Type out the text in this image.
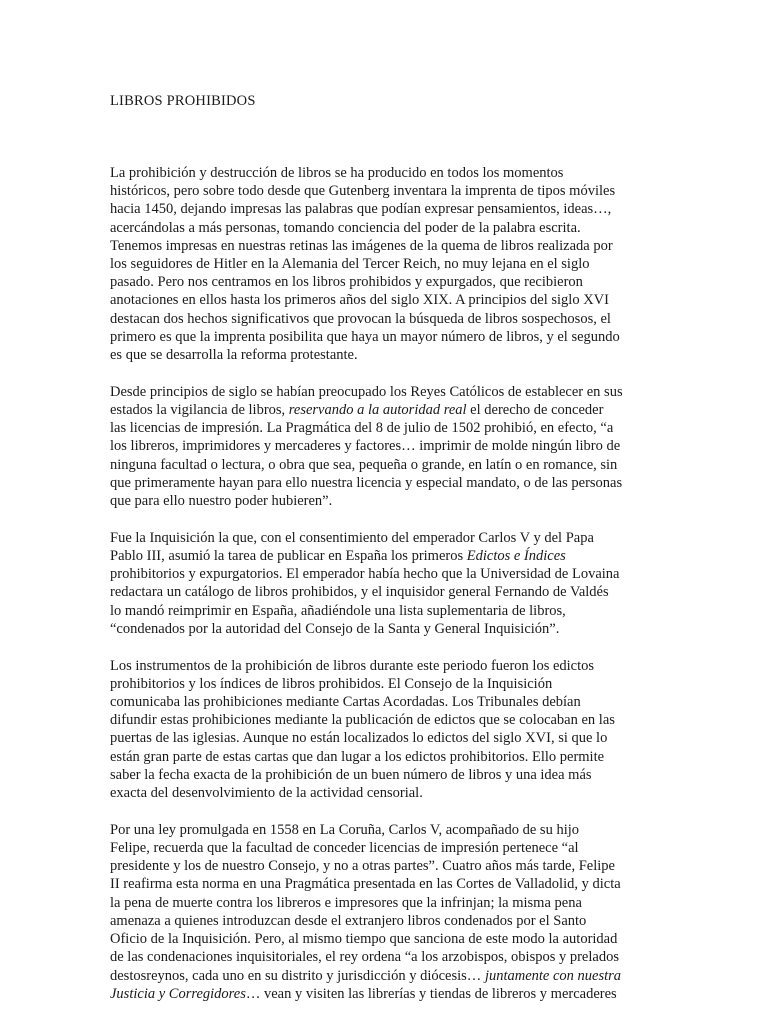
LIBROS PROHIBIDOS

La prohibición y destrucción de libros se ha producido en todos los momentos
históricos, pero sobre todo desde que Gutenberg inventara la imprenta de tipos móviles
hacia 1450, dejando impresas las palabras que podían expresar pensamientos, ideas…,
acercándolas a más personas, tomando conciencia del poder de la palabra escrita.
Tenemos impresas en nuestras retinas las imágenes de la quema de libros realizada por
los seguidores de Hitler en la Alemania del Tercer Reich, no muy lejana en el siglo
pasado. Pero nos centramos en los libros prohibidos y expurgados, que recibieron
anotaciones en ellos hasta los primeros años del siglo XIX. A principios del siglo XVI
destacan dos hechos significativos que provocan la búsqueda de libros sospechosos, el
primero es que la imprenta posibilita que haya un mayor número de libros, y el segundo
es que se desarrolla la reforma protestante.

Desde principios de siglo se habían preocupado los Reyes Católicos de establecer en sus
estados la vigilancia de libros, reservando a la autoridad real el derecho de conceder
las licencias de impresión. La Pragmática del 8 de julio de 1502 prohibió, en efecto, “a
los libreros, imprimidores y mercaderes y factores… imprimir de molde ningún libro de
ninguna facultad o lectura, o obra que sea, pequeña o grande, en latín o en romance, sin
que primeramente hayan para ello nuestra licencia y especial mandato, o de las personas
que para ello nuestro poder hubieren”.

Fue la Inquisición la que, con el consentimiento del emperador Carlos V y del Papa
Pablo III, asumió la tarea de publicar en España los primeros Edictos e Índices
prohibitorios y expurgatorios. El emperador había hecho que la Universidad de Lovaina
redactara un catálogo de libros prohibidos, y el inquisidor general Fernando de Valdés
lo mandó reimprimir en España, añadiéndole una lista suplementaria de libros,
“condenados por la autoridad del Consejo de la Santa y General Inquisición”.

Los instrumentos de la prohibición de libros durante este periodo fueron los edictos
prohibitorios y los índices de libros prohibidos. El Consejo de la Inquisición
comunicaba las prohibiciones mediante Cartas Acordadas. Los Tribunales debían
difundir estas prohibiciones mediante la publicación de edictos que se colocaban en las
puertas de las iglesias. Aunque no están localizados lo edictos del siglo XVI, si que lo
están gran parte de estas cartas que dan lugar a los edictos prohibitorios. Ello permite
saber la fecha exacta de la prohibición de un buen número de libros y una idea más
exacta del desenvolvimiento de la actividad censorial.

Por una ley promulgada en 1558 en La Coruña, Carlos V, acompañado de su hijo
Felipe, recuerda que la facultad de conceder licencias de impresión pertenece “al
presidente y los de nuestro Consejo, y no a otras partes”. Cuatro años más tarde, Felipe
II reafirma esta norma en una Pragmática presentada en las Cortes de Valladolid, y dicta
la pena de muerte contra los libreros e impresores que la infrinjan; la misma pena
amenaza a quienes introduzcan desde el extranjero libros condenados por el Santo
Oficio de la Inquisición. Pero, al mismo tiempo que sanciona de este modo la autoridad
de las condenaciones inquisitoriales, el rey ordena “a los arzobispos, obispos y prelados
destosreynos, cada uno en su distrito y jurisdicción y diócesis… juntamente con nuestra
Justicia y Corregidores… vean y visiten las librerías y tiendas de libreros y mercaderes
